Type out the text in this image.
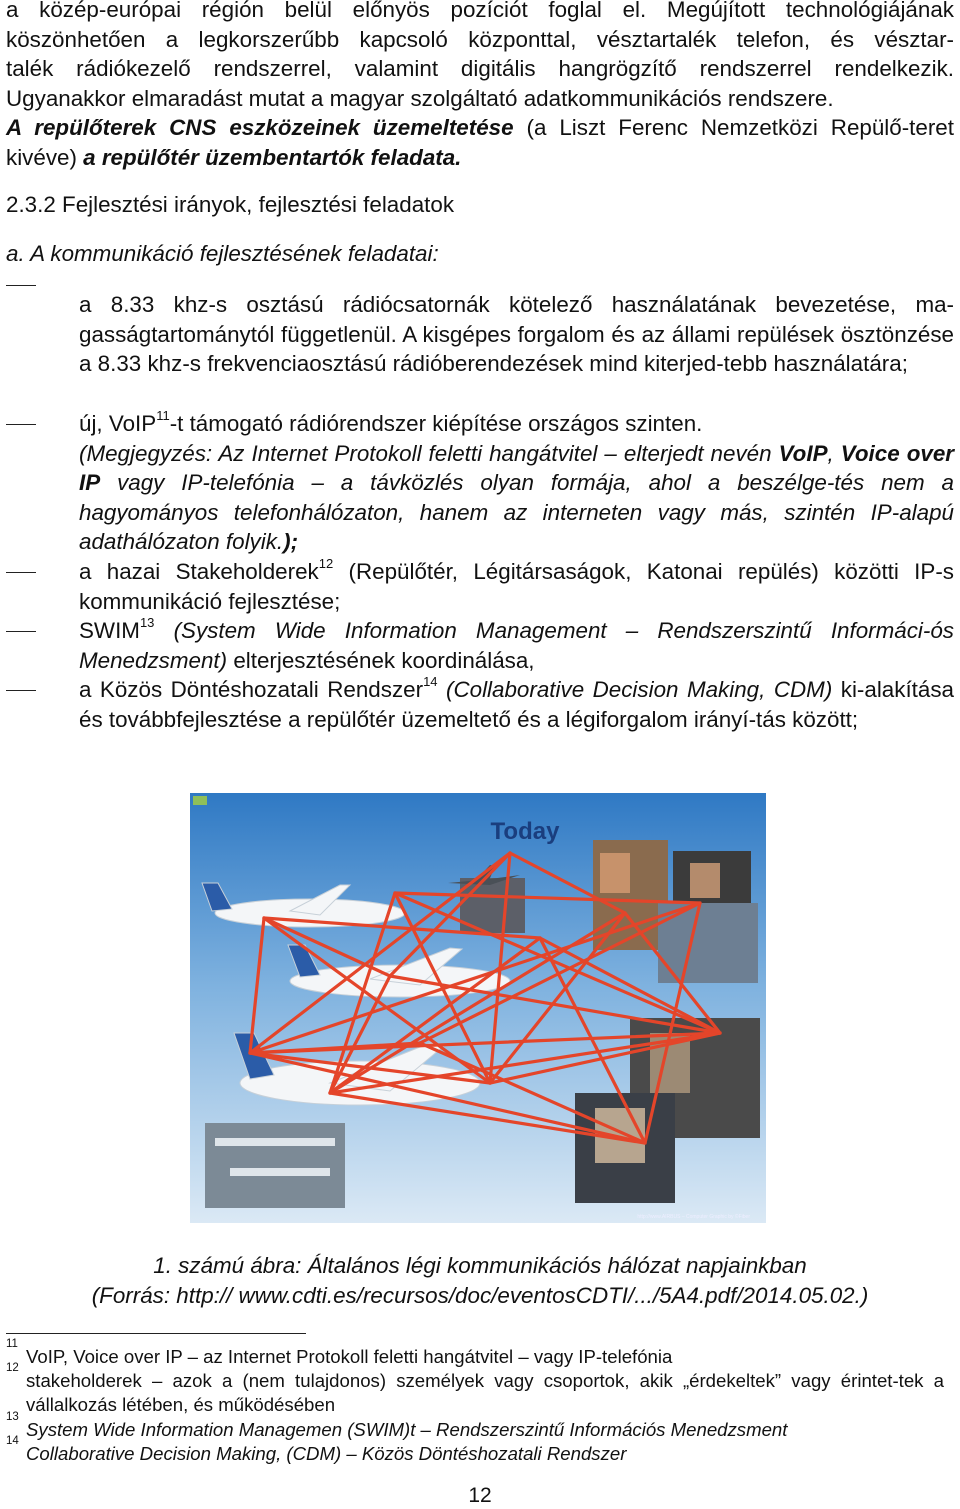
a közép-európai régión belül előnyös pozíciót foglal el. Megújított technológiájának
köszönhetően a legkorszerűbb kapcsoló központtal, vésztartalék telefon, és vésztar-
talék rádiókezelő rendszerrel, valamint digitális hangrögzítő rendszerrel rendelkezik.
Ugyanakkor elmaradást mutat a magyar szolgáltató adatkommunikációs rendszere.
A repülőterek CNS eszközeinek üzemeltetése (a Liszt Ferenc Nemzetközi Repülő-teret kivéve) a repülőtér üzembentartók feladata.
2.3.2 Fejlesztési irányok, fejlesztési feladatok
a. A kommunikáció fejlesztésének feladatai:
a 8.33 khz-s osztású rádiócsatornák kötelező használatának bevezetése, ma-gasságtartománytól függetlenül. A kisgépes forgalom és az állami repülések ösztönzése a 8.33 khz-s frekvenciaosztású rádióberendezések mind kiterjed-tebb használatára;
új, VoIP$^{11}$-t támogató rádiórendszer kiépítése országos szinten.
(Megjegyzés: Az Internet Protokoll feletti hangátvitel – elterjedt nevén VoIP, Voice over IP vagy IP-telefónia – a távközlés olyan formája, ahol a beszélge-tés nem a hagyományos telefonhálózaton, hanem az interneten vagy más, szintén IP-alapú adathálózaton folyik.);
a hazai Stakeholderek$^{12}$ (Repülőtér, Légitársaságok, Katonai repülés) közötti IP-s kommunikáció fejlesztése;
SWIM$^{13}$ (System Wide Information Management – Rendszerszintű Informáci-ós Menedzsment) elterjesztésének koordinálása,
a Közös Döntéshozatali Rendszer$^{14}$ (Collaborative Decision Making, CDM) ki-alakítása és továbbfejlesztése a repülőtér üzemeltető és a légiforgalom irányí-tás között;
Today
http://www.AIRBUS – Computer Graphic by ©Fiber
1. számú ábra: Általános légi kommunikációs hálózat napjainkban
(Forrás: http:// www.cdti.es/recursos/doc/eventosCDTI/.../5A4.pdf/2014.05.02.)
11
VoIP, Voice over IP – az Internet Protokoll feletti hangátvitel – vagy IP-telefónia
12
stakeholderek – azok a (nem tulajdonos) személyek vagy csoportok, akik „érdekeltek” vagy érintet-tek a vállalkozás létében, és működésében
13
System Wide Information Managemen (SWIM)t – Rendszerszintű Információs Menedzsment
14
Collaborative Decision Making, (CDM) – Közös Döntéshozatali Rendszer
12
